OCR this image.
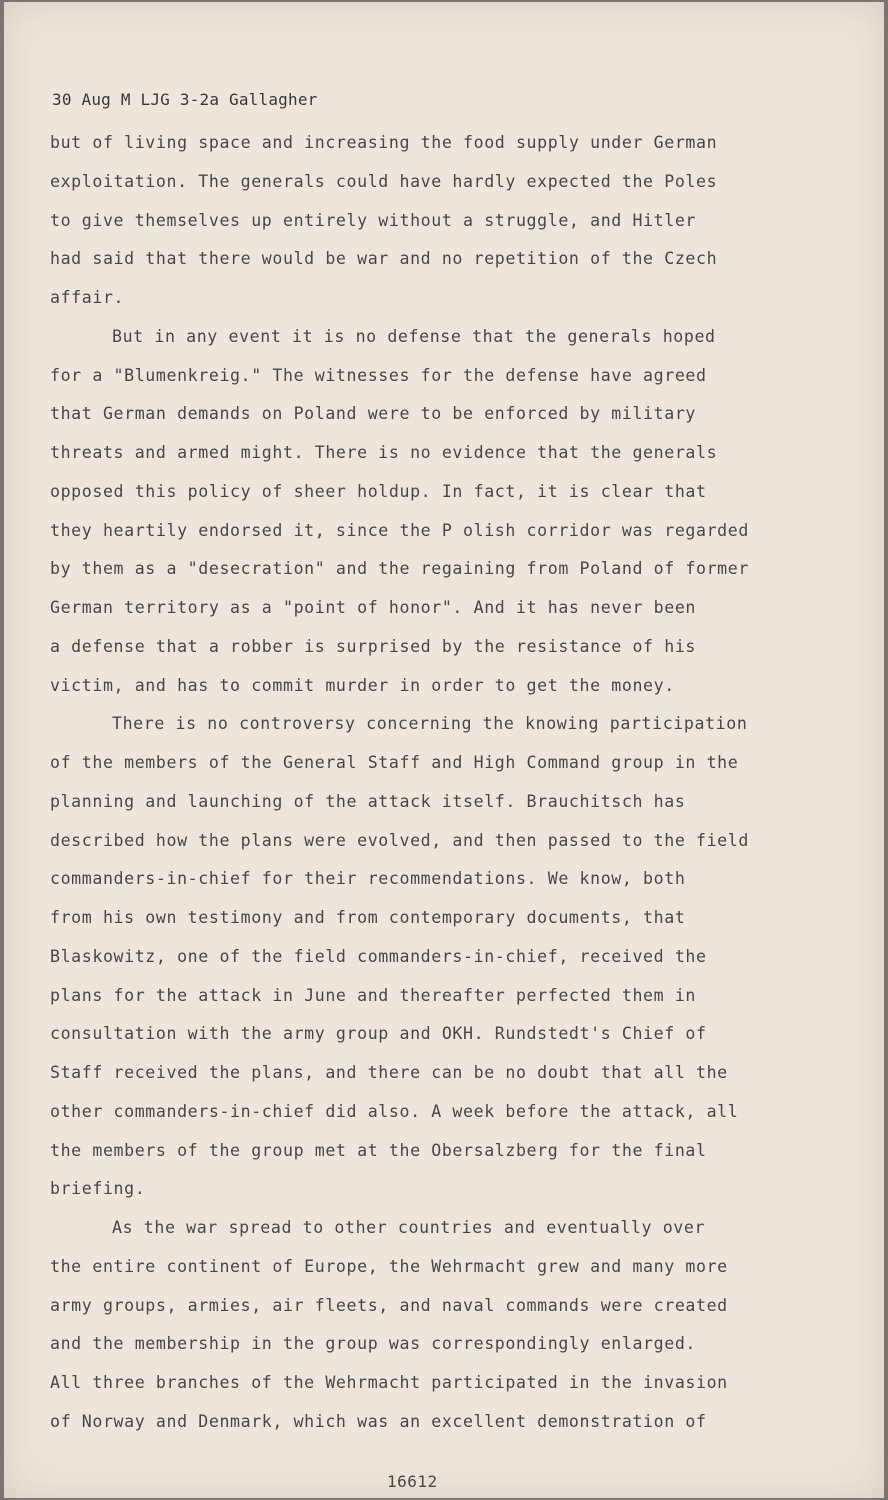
30 Aug M LJG 3-2a Gallagher
but of living space and increasing the food supply under German
exploitation. The generals could have hardly expected the Poles
to give themselves up entirely without a struggle, and Hitler
had said that there would be war and no repetition of the Czech
affair.
But in any event it is no defense that the generals hoped
for a "Blumenkreig." The witnesses for the defense have agreed
that German demands on Poland were to be enforced by military
threats and armed might. There is no evidence that the generals
opposed this policy of sheer holdup. In fact, it is clear that
they heartily endorsed it, since the P olish corridor was regarded
by them as a "desecration" and the regaining from Poland of former
German territory as a "point of honor". And it has never been
a defense that a robber is surprised by the resistance of his
victim, and has to commit murder in order to get the money.
There is no controversy concerning the knowing participation
of the members of the General Staff and High Command group in the
planning and launching of the attack itself. Brauchitsch has
described how the plans were evolved, and then passed to the field
commanders-in-chief for their recommendations. We know, both
from his own testimony and from contemporary documents, that
Blaskowitz, one of the field commanders-in-chief, received the
plans for the attack in June and thereafter perfected them in
consultation with the army group and OKH. Rundstedt's Chief of
Staff received the plans, and there can be no doubt that all the
other commanders-in-chief did also. A week before the attack, all
the members of the group met at the Obersalzberg for the final
briefing.
As the war spread to other countries and eventually over
the entire continent of Europe, the Wehrmacht grew and many more
army groups, armies, air fleets, and naval commands were created
and the membership in the group was correspondingly enlarged.
All three branches of the Wehrmacht participated in the invasion
of Norway and Denmark, which was an excellent demonstration of
16612
